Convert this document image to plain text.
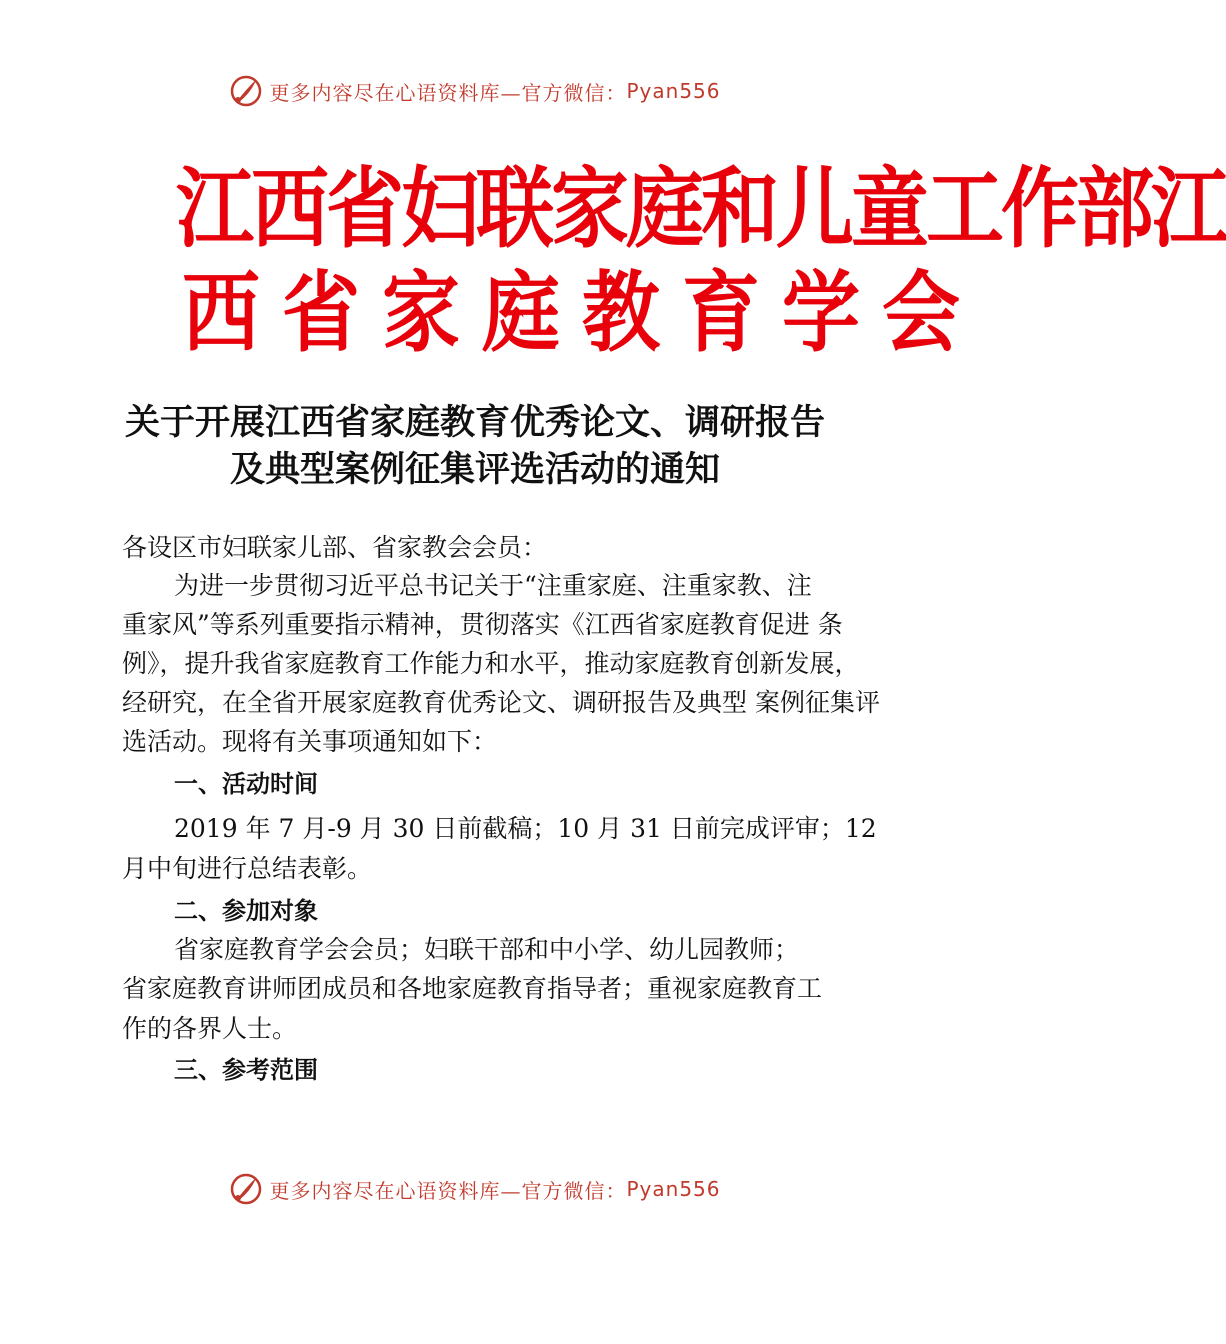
更多内容尽在心语资料库—官方微信： Pyan556
江西省妇联家庭和儿童工作部江
西省家庭教育学会
关于开展江西省家庭教育优秀论文、调研报告
及典型案例征集评选活动的通知
各设区市妇联家儿部、省家教会会员：
为进一步贯彻习近平总书记关于“注重家庭、注重家教、注
重家风”等系列重要指示精神，贯彻落实《江西省家庭教育促进 条
例》，提升我省家庭教育工作能力和水平，推动家庭教育创新发展，
经研究，在全省开展家庭教育优秀论文、调研报告及典型 案例征集评
选活动。现将有关事项通知如下：
一、活动时间
2019 年 7 月-9 月 30 日前截稿；10 月 31 日前完成评审；12
月中旬进行总结表彰。
二、参加对象
省家庭教育学会会员；妇联干部和中小学、幼儿园教师；
省家庭教育讲师团成员和各地家庭教育指导者；重视家庭教育工
作的各界人士。
三、参考范围
更多内容尽在心语资料库—官方微信： Pyan556
